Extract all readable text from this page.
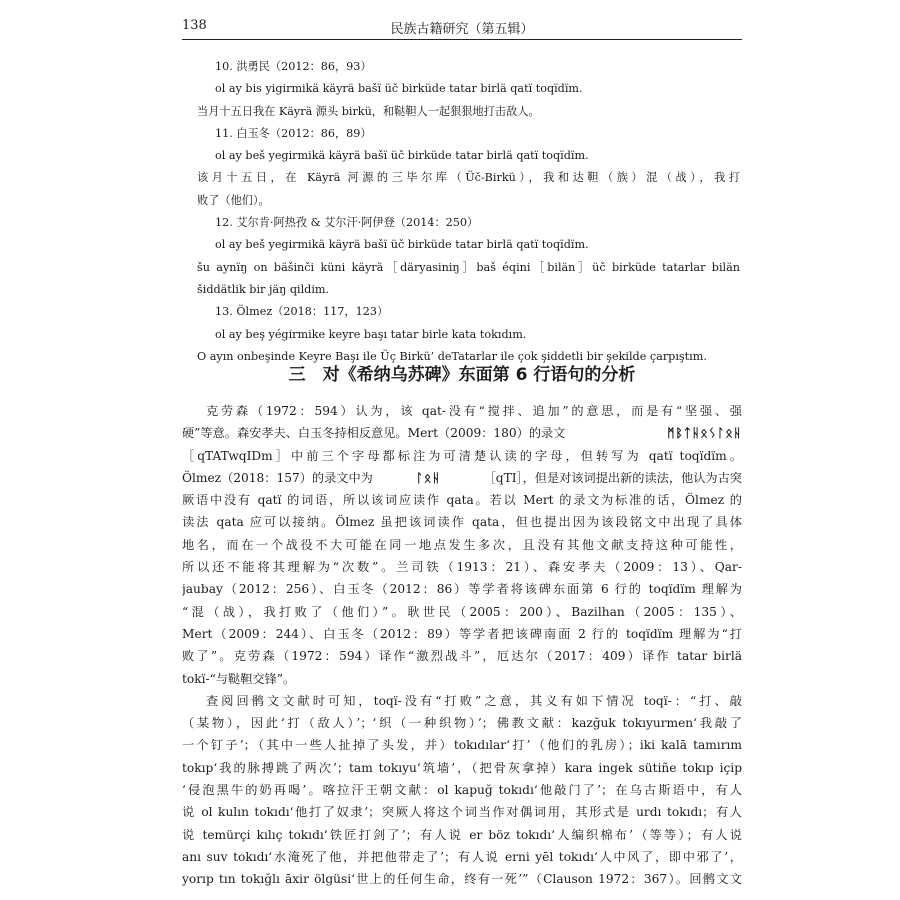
138	民族古籍研究（第五辑）
10. 洪勇民（2012：86，93）
ol ay bis yigirmikä käyrä bašï üč birküde tatar birlä qatï toqïdïm.
当月十五日我在 Käyrä 源头 birkü，和鞑靼人一起狠狠地打击敌人。
11. 白玉冬（2012：86，89）
ol ay beš yegirmikä käyrä bašï üč birküde tatar birlä qatï toqïdïm.
该月十五日，在 Käyrä 河源的三毕尔库（Üč-Birkü），我和达靼（族）混（战），我打
败了（他们）。
12. 艾尔肯·阿热孜 & 艾尔汗·阿伊登（2014：250）
ol ay beš yegirmikä käyrä bašï üč birküde tatar birlä qatï toqïdïm.
šu aynïŋ on bäšinči küni käyrä［däryasiniŋ］baš éqini［bilän］üč birküde tatarlar bilän
šiddätlik bir jäŋ qildim.
13. Ölmez（2018：117，123）
ol ay beş yégirmike keyre başı tatar birle kata tokıdım.
O ayın onbeşinde Keyre Başı ile Üç Birkü’ deTatarlar ile çok şiddetli bir şekilde çarpıştım.
三　对《希纳乌苏碑》东面第 6 行语句的分析
克劳森（1972：594）认为，该 qat-没有“搅拌、追加”的意思，而是有“坚强、强
硬”等意。森安孝夫、白玉冬持相反意见。Mert（2009：180）的录文	ᛗᛒᛏᚺᛟᛊᛚᛟᚺ
［qTATwqIDm］中前三个字母都标注为可清楚认读的字母，但转写为 qatï toqïdïm。
Ölmez（2018：157）的录文中为	ᛚᛟᚺ	［qTI］，但是对该词提出新的读法，他认为古突
厥语中没有 qatï 的词语，所以该词应读作 qata。若以 Mert 的录文为标准的话，Ölmez 的
读法 qata 应可以接纳。Ölmez 虽把该词读作 qata，但也提出因为该段铭文中出现了具体
地名，而在一个战役不大可能在同一地点发生多次，且没有其他文献支持这种可能性，
所以还不能将其理解为“次数”。兰司铁（1913：21）、森安孝夫（2009：13）、Qar-
jaubay（2012：256）、白玉冬（2012：86）等学者将该碑东面第 6 行的 toqïdïm 理解为
“混（战），我打败了（他们）”。耿世民（2005：200）、Bazilhan（2005：135）、
Mert（2009：244）、白玉冬（2012：89）等学者把该碑南面 2 行的 toqïdïm 理解为“打
败了”。克劳森（1972：594）译作“激烈战斗”，厄达尔（2017：409）译作 tatar birlä
tokï-“与鞑靼交锋”。
查阅回鹘文文献时可知，toqï-没有“打败”之意，其义有如下情况 toqï-：“打、敲
（某物），因此‘打（敌人）’；‘织（一种织物）’；佛教文献：kazğuk tokıyurmen‘我敲了
一个钉子’；（其中一些人扯掉了头发，并）tokıdılar‘打’（他们的乳房）；iki kalā tamırım
tokıp‘我的脉搏跳了两次’；tam tokıyu‘筑墙’，（把骨灰拿掉）kara ingek sütiñe tokıp içip
‘侵泡黑牛的奶再喝’。喀拉汗王朝文献：ol kapuğ tokıdı‘他敲门了’；在乌古斯语中，有人
说 ol kulın tokıdı‘他打了奴隶’；突厥人将这个词当作对偶词用，其形式是 urdı tokıdı；有人
说 temürçi kılıç tokıdı‘铁匠打剑了’；有人说 er böz tokıdı‘人编织棉布’（等等）；有人说
anı suv tokıdı‘水淹死了他，并把他带走了’；有人说 erni yēl tokıdı‘人中风了，即中邪了’，
yorıp tın tokığlı āxir ölgüsi‘世上的任何生命，终有一死’”（Clauson 1972：367）。回鹘文文
